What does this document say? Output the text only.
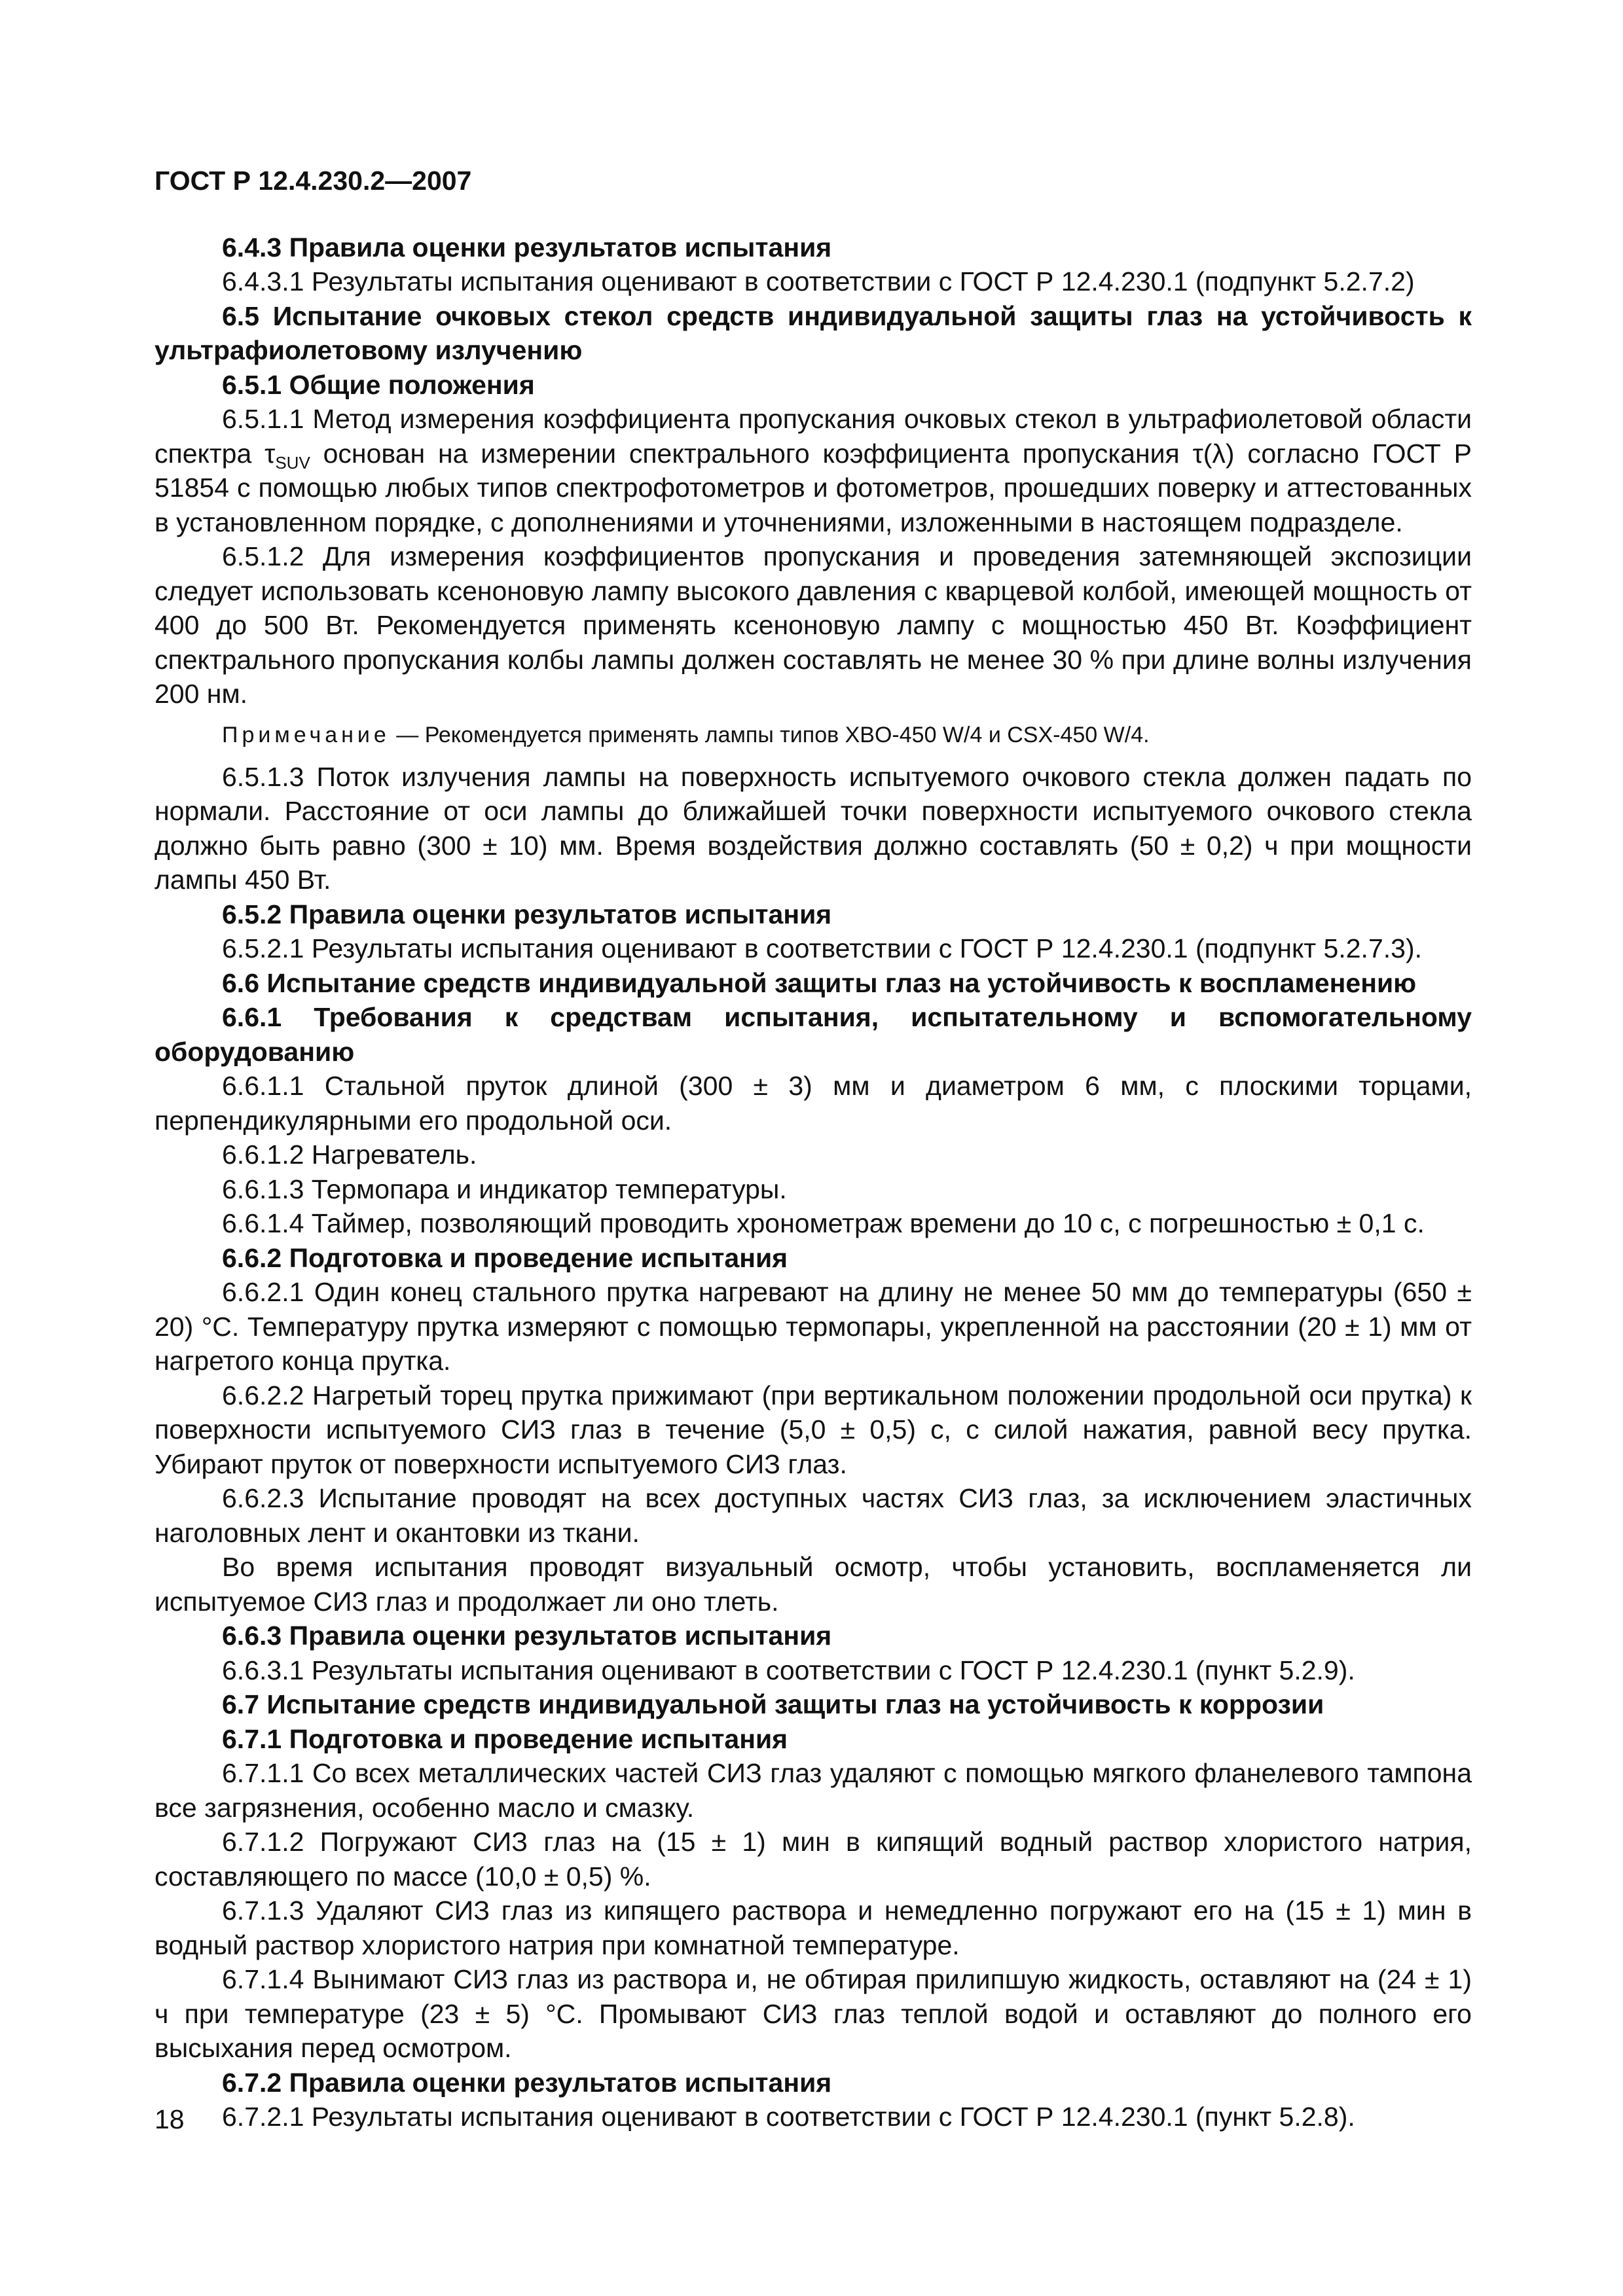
ГОСТ Р 12.4.230.2—2007

6.4.3 Правила оценки результатов испытания

6.4.3.1 Результаты испытания оценивают в соответствии с ГОСТ Р 12.4.230.1 (подпункт 5.2.7.2)

6.5 Испытание очковых стекол средств индивидуальной защиты глаз на устойчивость к ультрафиолетовому излучению

6.5.1 Общие положения

6.5.1.1 Метод измерения коэффициента пропускания очковых стекол в ультрафиолетовой области спектра $\tau_{SUV}$ основан на измерении спектрального коэффициента пропускания τ(λ) согласно ГОСТ Р 51854 с помощью любых типов спектрофотометров и фотометров, прошедших поверку и аттестованных в установленном порядке, с дополнениями и уточнениями, изложенными в настоящем подразделе.

6.5.1.2 Для измерения коэффициентов пропускания и проведения затемняющей экспозиции следует использовать ксеноновую лампу высокого давления с кварцевой колбой, имеющей мощность от 400 до 500 Вт. Рекомендуется применять ксеноновую лампу с мощностью 450 Вт. Коэффициент спектрального пропускания колбы лампы должен составлять не менее 30 % при длине волны излучения 200 нм.

Примечание — Рекомендуется применять лампы типов XBO-450 W/4 и CSX-450 W/4.

6.5.1.3 Поток излучения лампы на поверхность испытуемого очкового стекла должен падать по нормали. Расстояние от оси лампы до ближайшей точки поверхности испытуемого очкового стекла должно быть равно (300 ± 10) мм. Время воздействия должно составлять (50 ± 0,2) ч при мощности лампы 450 Вт.

6.5.2 Правила оценки результатов испытания

6.5.2.1 Результаты испытания оценивают в соответствии с ГОСТ Р 12.4.230.1 (подпункт 5.2.7.3).

6.6 Испытание средств индивидуальной защиты глаз на устойчивость к воспламенению

6.6.1 Требования к средствам испытания, испытательному и вспомогательному оборудованию

6.6.1.1 Стальной пруток длиной (300 ± 3) мм и диаметром 6 мм, с плоскими торцами, перпендикулярными его продольной оси.

6.6.1.2 Нагреватель.

6.6.1.3 Термопара и индикатор температуры.

6.6.1.4 Таймер, позволяющий проводить хронометраж времени до 10 с, с погрешностью ± 0,1 с.

6.6.2 Подготовка и проведение испытания

6.6.2.1 Один конец стального прутка нагревают на длину не менее 50 мм до температуры (650 ± 20) °С. Температуру прутка измеряют с помощью термопары, укрепленной на расстоянии (20 ± 1) мм от нагретого конца прутка.

6.6.2.2 Нагретый торец прутка прижимают (при вертикальном положении продольной оси прутка) к поверхности испытуемого СИЗ глаз в течение (5,0 ± 0,5) с, с силой нажатия, равной весу прутка. Убирают пруток от поверхности испытуемого СИЗ глаз.

6.6.2.3 Испытание проводят на всех доступных частях СИЗ глаз, за исключением эластичных наголовных лент и окантовки из ткани.

Во время испытания проводят визуальный осмотр, чтобы установить, воспламеняется ли испытуемое СИЗ глаз и продолжает ли оно тлеть.

6.6.3 Правила оценки результатов испытания

6.6.3.1 Результаты испытания оценивают в соответствии с ГОСТ Р 12.4.230.1 (пункт 5.2.9).

6.7 Испытание средств индивидуальной защиты глаз на устойчивость к коррозии

6.7.1 Подготовка и проведение испытания

6.7.1.1 Со всех металлических частей СИЗ глаз удаляют с помощью мягкого фланелевого тампона все загрязнения, особенно масло и смазку.

6.7.1.2 Погружают СИЗ глаз на (15 ± 1) мин в кипящий водный раствор хлористого натрия, составляющего по массе (10,0 ± 0,5) %.

6.7.1.3 Удаляют СИЗ глаз из кипящего раствора и немедленно погружают его на (15 ± 1) мин в водный раствор хлористого натрия при комнатной температуре.

6.7.1.4 Вынимают СИЗ глаз из раствора и, не обтирая прилипшую жидкость, оставляют на (24 ± 1) ч при температуре (23 ± 5) °С. Промывают СИЗ глаз теплой водой и оставляют до полного его высыхания перед осмотром.

6.7.2 Правила оценки результатов испытания

6.7.2.1 Результаты испытания оценивают в соответствии с ГОСТ Р 12.4.230.1 (пункт 5.2.8).

18
